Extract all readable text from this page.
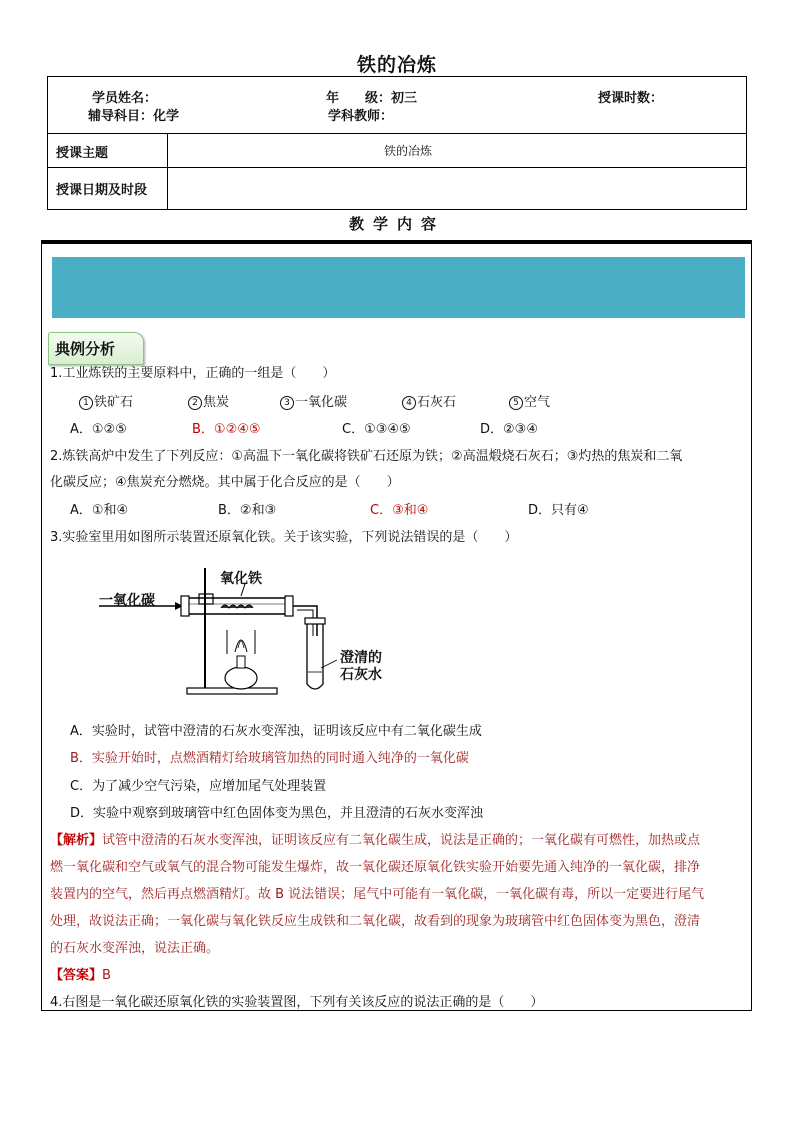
铁的冶炼
学员姓名：	年　　级：初三	授课时数：
辅导科目：化学	学科教师：
授课主题	铁的冶炼
授课日期及时段
教学内容
典例分析
1.工业炼铁的主要原料中，正确的一组是（　　）
1 铁矿石	2 焦炭	3 一氧化碳	4 石灰石	5 空气
A．①②⑤	B．①②④⑤	C．①③④⑤	D．②③④
2.炼铁高炉中发生了下列反应：①高温下一氧化碳将铁矿石还原为铁；②高温煅烧石灰石；③灼热的焦炭和二氧
化碳反应；④焦炭充分燃烧。其中属于化合反应的是（　　）
A．①和④	B．②和③	C．③和④	D．只有④
3.实验室里用如图所示装置还原氧化铁。关于该实验，下列说法错误的是（　　）
一氧化碳
氧化铁
澄清的
石灰水
A．实验时，试管中澄清的石灰水变浑浊，证明该反应中有二氧化碳生成
B．实验开始时，点燃酒精灯给玻璃管加热的同时通入纯净的一氧化碳
C．为了减少空气污染，应增加尾气处理装置
D．实验中观察到玻璃管中红色固体变为黑色，并且澄清的石灰水变浑浊
【解析】试管中澄清的石灰水变浑浊，证明该反应有二氧化碳生成，说法是正确的；一氧化碳有可燃性，加热或点
燃一氧化碳和空气或氧气的混合物可能发生爆炸，故一氧化碳还原氧化铁实验开始要先通入纯净的一氧化碳，排净
装置内的空气，然后再点燃酒精灯。故 B 说法错误；尾气中可能有一氧化碳，一氧化碳有毒，所以一定要进行尾气
处理，故说法正确；一氧化碳与氧化铁反应生成铁和二氧化碳，故看到的现象为玻璃管中红色固体变为黑色，澄清
的石灰水变浑浊，说法正确。
【答案】B
4.右图是一氧化碳还原氧化铁的实验装置图，下列有关该反应的说法正确的是（　　）
